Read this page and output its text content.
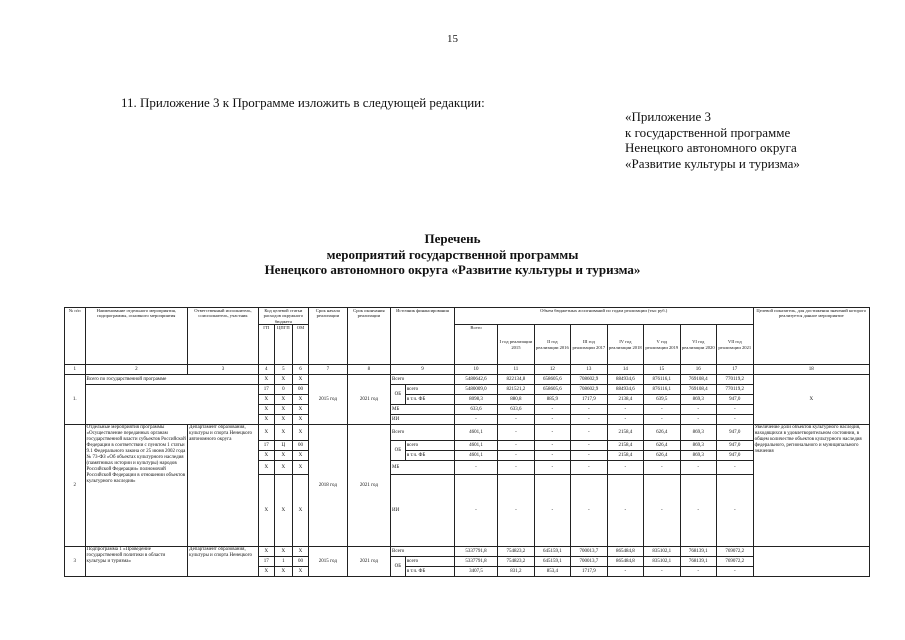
15
11. Приложение 3 к Программе изложить в следующей редакции:
«Приложение 3
к государственной программе
Ненецкого автономного округа
«Развитие культуры и туризма»
Перечень
мероприятий государственной программы
Ненецкого автономного округа «Развитие культуры и туризма»
№ п/п	Наименование отдельного мероприятия, подпрограммы, основного мероприятия	Ответственный исполнитель, соисполнитель, участник	Код целевой статьи расходов окружного бюджета			Срок начала реализации	Срок окончания реализации	Источник финансирования		Объем бюджетных ассигнований по годам реализации (тыс руб.)								Целевой показатель, для достижения значений которого реализуется данное мероприятие
			ГП	ЦПГП	ОМ					Всего	I год реализации 2015	II год реализации 2016	III год реализации 2017	IV год реализации 2018	V год реализации 2019	VI год реализации 2020	VII год реализации 2021	

1	2	3	4	5	6	7	8	9		10	11	12	13	14	15	16	17	18
1.	Всего по государственной программе		Х	Х	Х	2015 год	2021 год	Всего		5480642,6	822134,8	658605,6	708602,9	884934,6	876116,1	769108,4	770119,2	Х
			17	0	00			ОБ	всего	5480009,0	821521,2	658605,6	708602,9	884934,6	876116,1	769108,4	770119,2	
			Х	Х	Х				в т.ч. ФБ	8098,3	880,8	885,9	1717,9	2138,4	639,5	869,3	947,0	
			Х	Х	Х			МБ		633,6	633,6	-	-	-	-	-	-	
			Х	Х	Х			ИИ		-	-	-	-	-	-	-	-	
2	Отдельные мероприятия программы «Осуществление переданных органам государственной власти субъектов Российской Федерации в соответствии с пунктом 1 статьи 9.1 Федерального закона от 25 июня 2002 года № 73-ФЗ «Об объектах культурного наследия (памятниках истории и культуры) народов Российской Федерации» полномочий Российской Федерации в отношении объектов культурного наследия»	Департамент образования, культуры и спорта Ненецкого автономного округа	Х	Х	Х	2018 год	2021 год	Всего		4601,1	-	-	-	2158,4	626,4	869,3	947,0	Увеличение доли объектов культурного наследия, находящихся в удовлетворительном состоянии, в общем количестве объектов культурного наследия федерального, регионального и муниципального значения
			17	Ц	00			ОБ	всего	4601,1	-	-	-	2158,4	626,4	869,3	947,0	
			Х	Х	Х				в т.ч. ФБ	4601,1	-	-	-	2158,4	626,4	869,3	947,0	
			Х	Х	Х			МБ		-	-	-	-	-	-	-	-	
			Х	Х	Х			ИИ		-	-	-	-	-	-	-	-	
3	Подпрограмма 1 «Проведение государственной политики в области культуры и туризма»	Департамент образования, культуры и спорта Ненецкого	Х	Х	Х	2015 год	2021 год	Всего		5337791,8	754823,2	645159,1	700013,7	865484,8	835102,1	768139,1	769072,2	
			17	1	00			ОБ	всего	5337791,8	754823,2	645159,1	700013,7	865484,8	835102,1	768139,1	769072,2	
			Х	Х	Х				в т.ч. ФБ	3407,5	831,2	853,4	1717,9	-	-	-	-	
